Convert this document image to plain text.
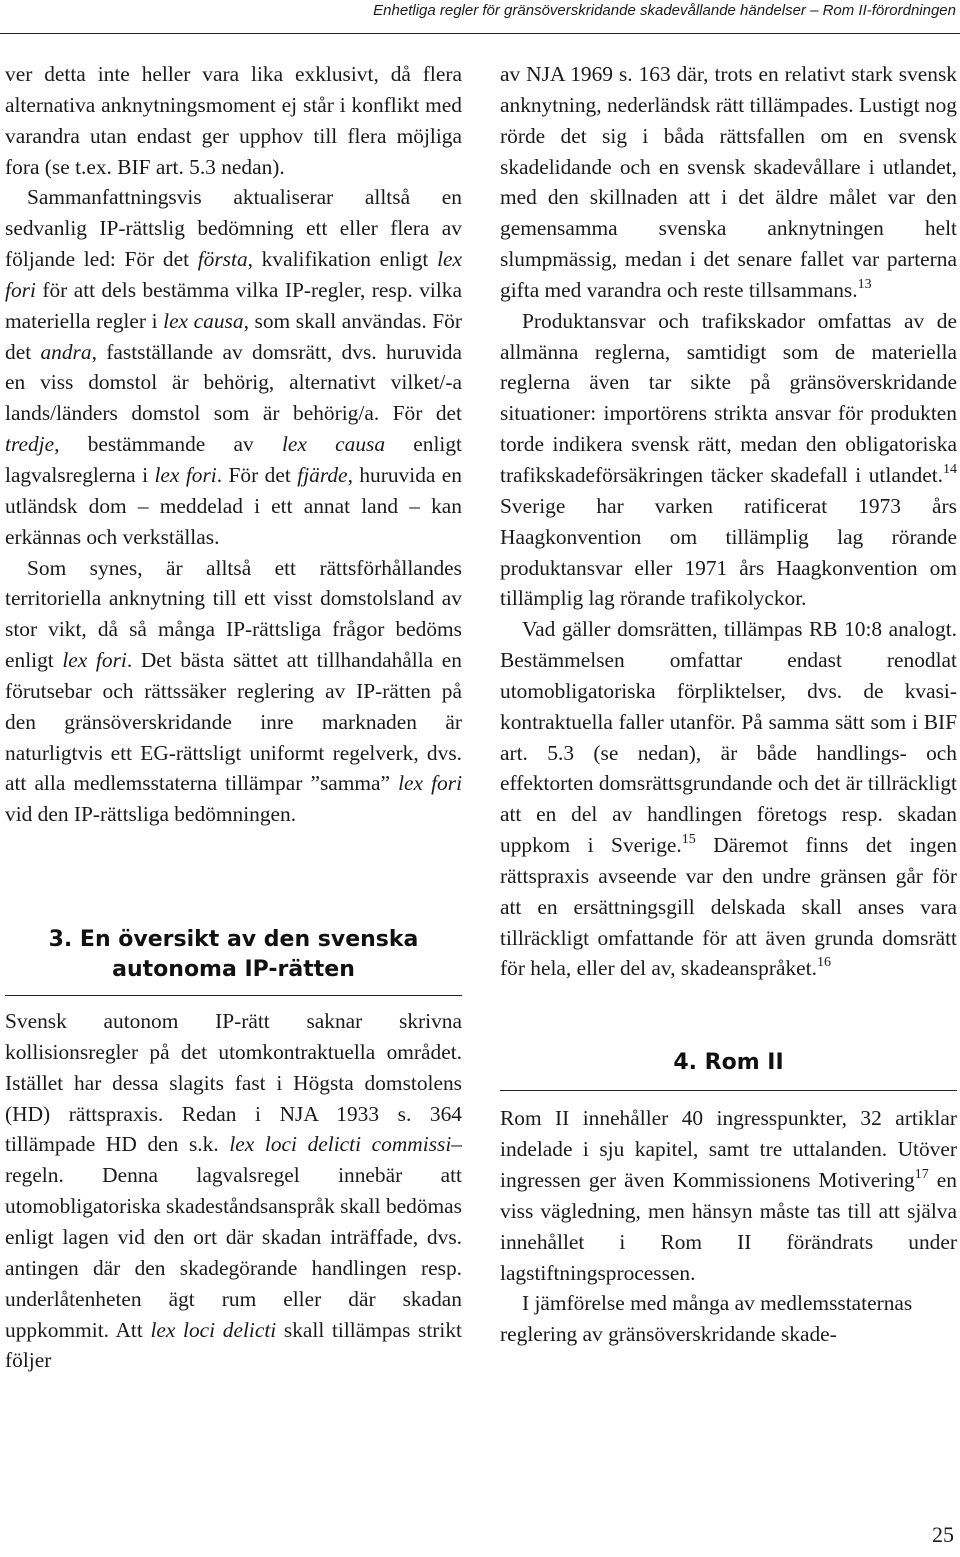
Enhetliga regler för gränsöverskridande skadevållande händelser – Rom II-förordningen

ver detta inte heller vara lika exklusivt, då flera alternativa anknytningsmoment ej står i konflikt med varandra utan endast ger upphov till flera möjliga fora (se t.ex. BIF art. 5.3 nedan).

Sammanfattningsvis aktualiserar alltså en sedvanlig IP-rättslig bedömning ett eller flera av följande led: För det första, kvalifikation enligt lex fori för att dels bestämma vilka IP-regler, resp. vilka materiella regler i lex causa, som skall användas. För det andra, fastställande av domsrätt, dvs. huruvida en viss domstol är behörig, alternativt vilket/-a lands/länders domstol som är behörig/a. För det tredje, bestämmande av lex causa enligt lagvalsreglerna i lex fori. För det fjärde, huruvida en utländsk dom – meddelad i ett annat land – kan erkännas och verkställas.

Som synes, är alltså ett rättsförhållandes territoriella anknytning till ett visst domstolsland av stor vikt, då så många IP-rättsliga frågor bedöms enligt lex fori. Det bästa sättet att tillhandahålla en förutsebar och rättssäker reglering av IP-rätten på den gränsöverskridande inre marknaden är naturligtvis ett EG-rättsligt uniformt regelverk, dvs. att alla medlemsstaterna tillämpar ”samma” lex fori vid den IP-rättsliga bedömningen.

3. En översikt av den svenska
autonoma IP-rätten

Svensk autonom IP-rätt saknar skrivna kollisionsregler på det utomkontraktuella området. Istället har dessa slagits fast i Högsta domstolens (HD) rättspraxis. Redan i NJA 1933 s. 364 tillämpade HD den s.k. lex loci delicti commissi–regeln. Denna lagvalsregel innebär att utomobligatoriska skadeståndsanspråk skall bedömas enligt lagen vid den ort där skadan inträffade, dvs. antingen där den skadegörande handlingen resp. underlåtenheten ägt rum eller där skadan uppkommit. Att lex loci delicti skall tillämpas strikt följer

av NJA 1969 s. 163 där, trots en relativt stark svensk anknytning, nederländsk rätt tillämpades. Lustigt nog rörde det sig i båda rättsfallen om en svensk skadelidande och en svensk skadevållare i utlandet, med den skillnaden att i det äldre målet var den gemensamma svenska anknytningen helt slumpmässig, medan i det senare fallet var parterna gifta med varandra och reste tillsammans.$^{13}$

Produktansvar och trafikskador omfattas av de allmänna reglerna, samtidigt som de materiella reglerna även tar sikte på gränsöverskridande situationer: importörens strikta ansvar för produkten torde indikera svensk rätt, medan den obligatoriska trafikskadeförsäkringen täcker skadefall i utlandet.$^{14}$ Sverige har varken ratificerat 1973 års Haagkonvention om tillämplig lag rörande produktansvar eller 1971 års Haagkonvention om tillämplig lag rörande trafikolyckor.

Vad gäller domsrätten, tillämpas RB 10:8 analogt. Bestämmelsen omfattar endast renodlat utomobligatoriska förpliktelser, dvs. de kvasi-kontraktuella faller utanför. På samma sätt som i BIF art. 5.3 (se nedan), är både handlings- och effektorten domsrättsgrundande och det är tillräckligt att en del av handlingen företogs resp. skadan uppkom i Sverige.$^{15}$ Däremot finns det ingen rättspraxis avseende var den undre gränsen går för att en ersättningsgill delskada skall anses vara tillräckligt omfattande för att även grunda domsrätt för hela, eller del av, skadeanspråket.$^{16}$

4. Rom II

Rom II innehåller 40 ingresspunkter, 32 artiklar indelade i sju kapitel, samt tre uttalanden. Utöver ingressen ger även Kommissionens Motivering$^{17}$ en viss vägledning, men hänsyn måste tas till att själva innehållet i Rom II förändrats under lagstiftningsprocessen.

I jämförelse med många av medlemsstaternas reglering av gränsöverskridande skade-

25
